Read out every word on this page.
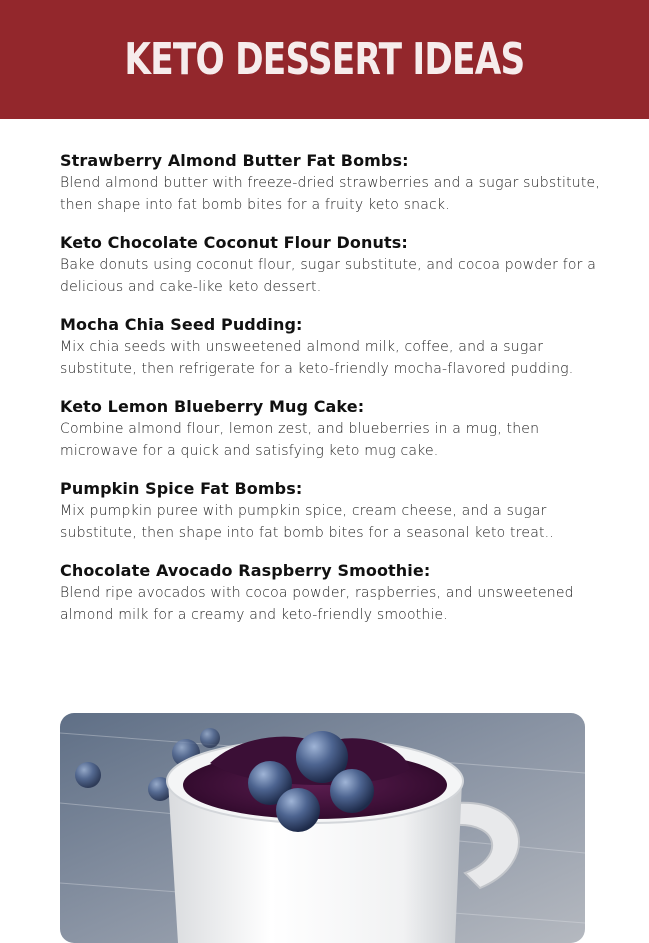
KETO DESSERT IDEAS

Strawberry Almond Butter Fat Bombs:

Blend almond butter with freeze-dried strawberries and a sugar substitute, then shape into fat bomb bites for a fruity keto snack.

Keto Chocolate Coconut Flour Donuts:

Bake donuts using coconut flour, sugar substitute, and cocoa powder for a delicious and cake-like keto dessert.

Mocha Chia Seed Pudding:

Mix chia seeds with unsweetened almond milk, coffee, and a sugar substitute, then refrigerate for a keto-friendly mocha-flavored pudding.

Keto Lemon Blueberry Mug Cake:

Combine almond flour, lemon zest, and blueberries in a mug, then microwave for a quick and satisfying keto mug cake.

Pumpkin Spice Fat Bombs:

Mix pumpkin puree with pumpkin spice, cream cheese, and a sugar substitute, then shape into fat bomb bites for a seasonal keto treat..

Chocolate Avocado Raspberry Smoothie:

Blend ripe avocados with cocoa powder, raspberries, and unsweetened almond milk for a creamy and keto-friendly smoothie.
